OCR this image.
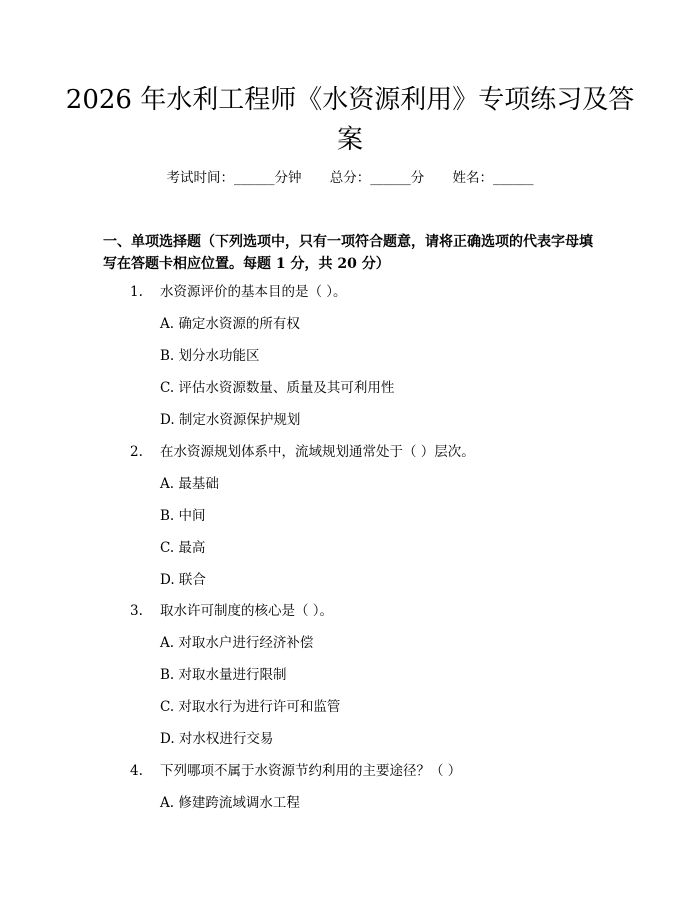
2026 年水利工程师《水资源利用》专项练习及答案
考试时间：______分钟 总分：______分 姓名：______
一、单项选择题（下列选项中，只有一项符合题意，请将正确选项的代表字母填写在答题卡相应位置。每题 1 分，共 20 分）
1. 水资源评价的基本目的是（ ）。
A. 确定水资源的所有权
B. 划分水功能区
C. 评估水资源数量、质量及其可利用性
D. 制定水资源保护规划
2. 在水资源规划体系中，流域规划通常处于（ ）层次。
A. 最基础
B. 中间
C. 最高
D. 联合
3. 取水许可制度的核心是（ ）。
A. 对取水户进行经济补偿
B. 对取水量进行限制
C. 对取水行为进行许可和监管
D. 对水权进行交易
4. 下列哪项不属于水资源节约利用的主要途径？（ ）
A. 修建跨流域调水工程
